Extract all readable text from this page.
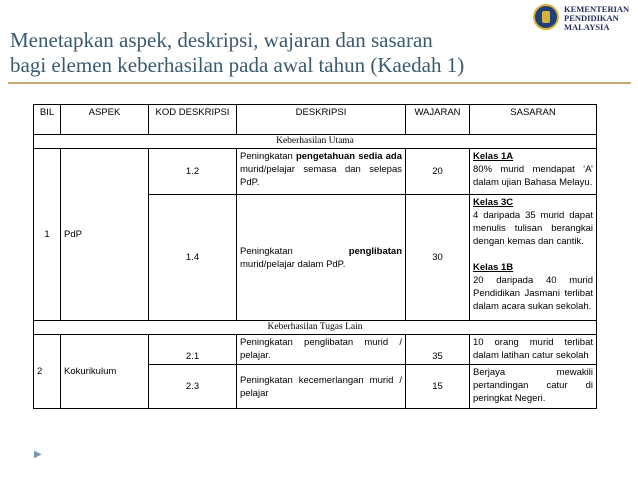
Menetapkan aspek, deskripsi, wajaran dan sasaran
bagi elemen keberhasilan pada awal tahun (Kaedah 1)
KEMENTERIAN
PENDIDIKAN
MALAYSIA
BIL	ASPEK	KOD DESKRIPSI	DESKRIPSI	WAJARAN	SASARAN
Keberhasilan Utama					
1	PdP	1.2	Peningkatan pengetahuan sedia ada murid/pelajar semasa dan selepas PdP.	20	Kelas 1A
80% murid mendapat ‘A’ dalam ujian Bahasa Melayu.
		1.4	Peningkatan penglibatan murid/pelajar dalam PdP.	30	Kelas 3C
4 daripada 35 murid dapat menulis tulisan berangkai dengan kemas dan cantik.

Kelas 1B
20 daripada 40 murid Pendidikan Jasmani terlibat dalam acara sukan sekolah.
Keberhasilan Tugas Lain					
2	Kokurikulum	2.1	Peningkatan penglibatan murid / pelajar.	35	10 orang murid terlibat dalam latihan catur sekolah
		2.3	Peningkatan kecemerlangan murid / pelajar	15	Berjaya mewakili pertandingan catur di peringkat Negeri.
▶
